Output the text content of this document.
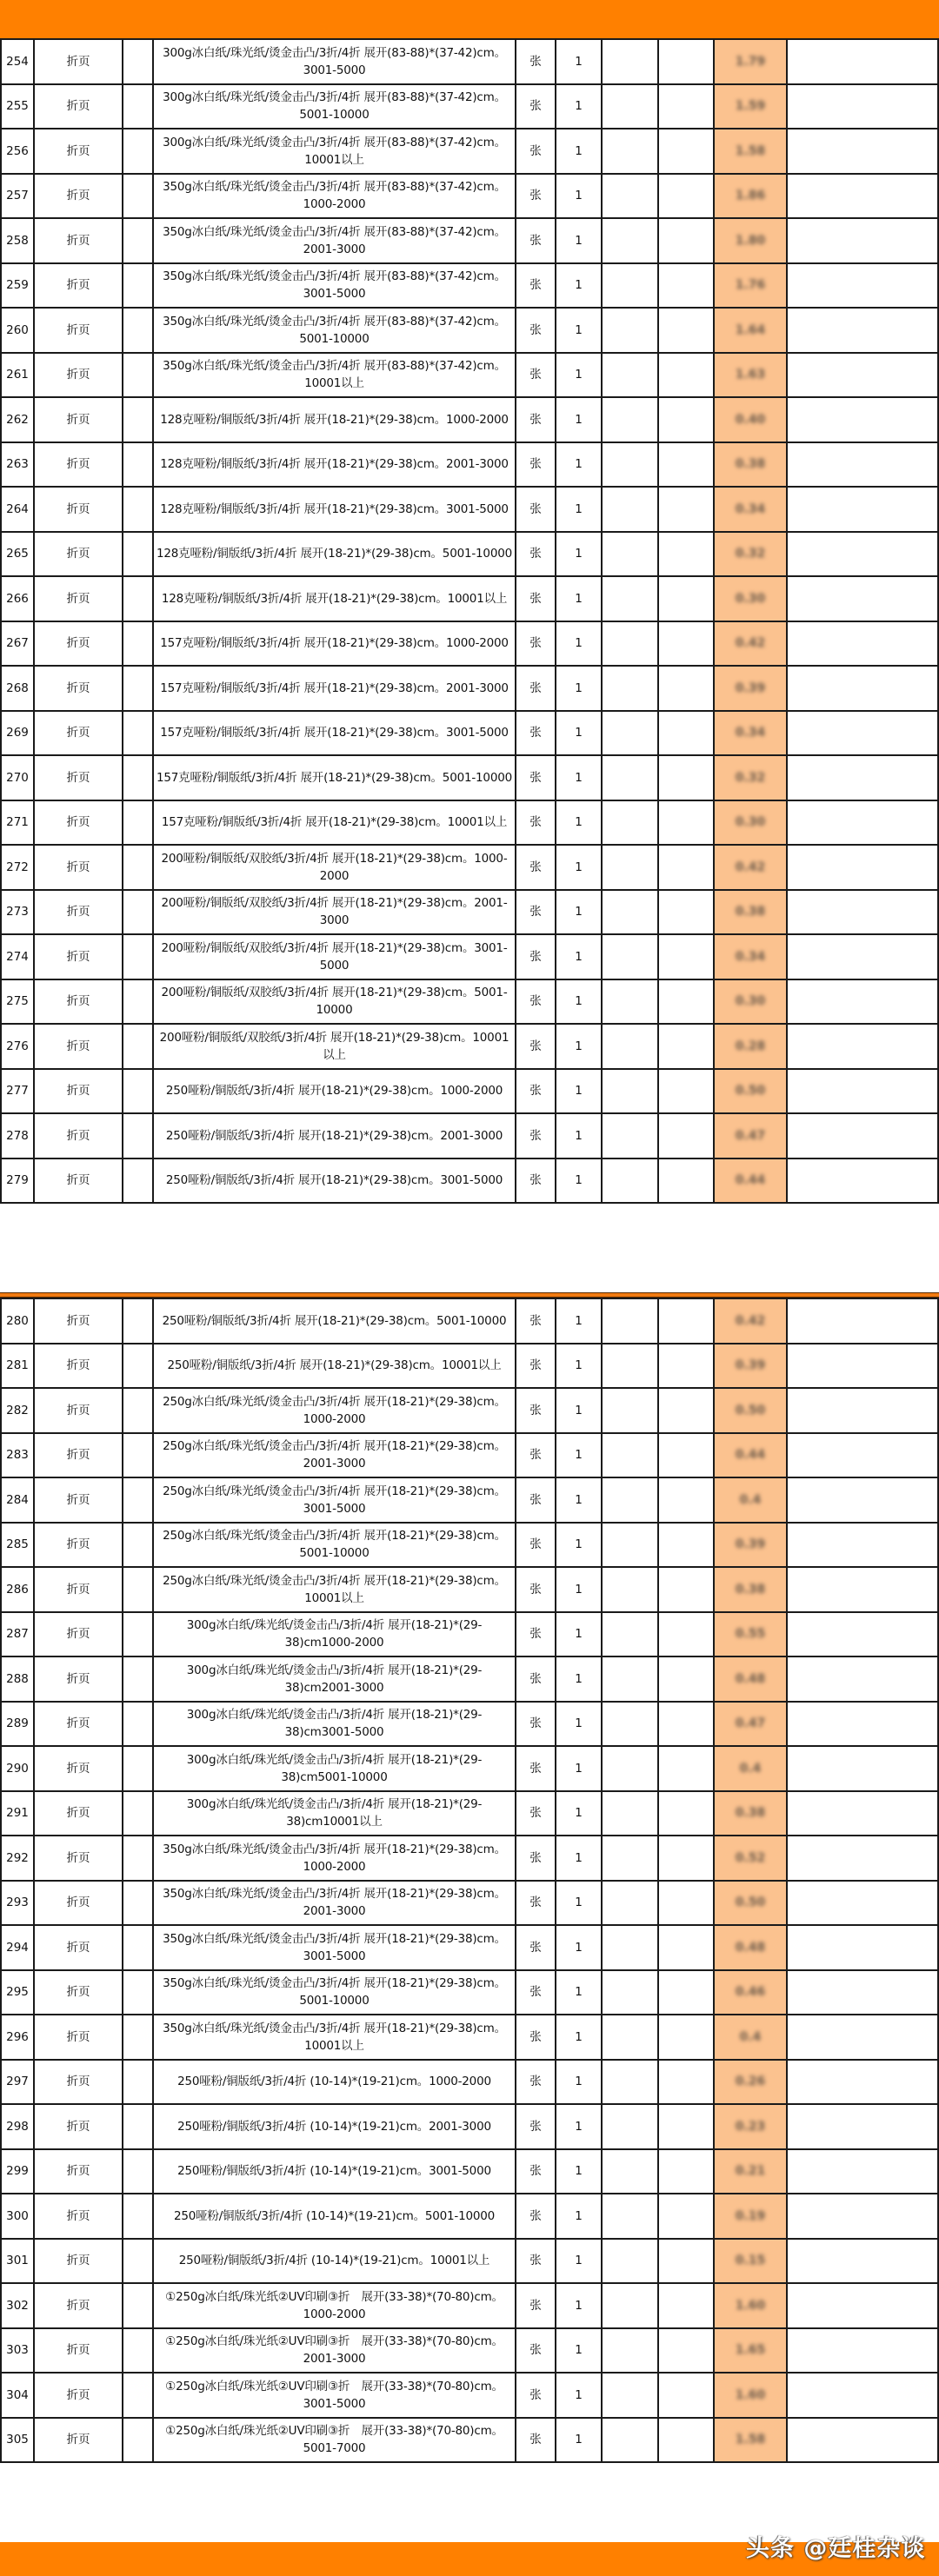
254	折页		300g冰白纸/珠光纸/烫金击凸/3折/4折 展开(83-88)*(37-42)cm。3001-5000	张	1			1.79	
255	折页		300g冰白纸/珠光纸/烫金击凸/3折/4折 展开(83-88)*(37-42)cm。5001-10000	张	1			1.59	
256	折页		300g冰白纸/珠光纸/烫金击凸/3折/4折 展开(83-88)*(37-42)cm。10001以上	张	1			1.58	
257	折页		350g冰白纸/珠光纸/烫金击凸/3折/4折 展开(83-88)*(37-42)cm。1000-2000	张	1			1.86	
258	折页		350g冰白纸/珠光纸/烫金击凸/3折/4折 展开(83-88)*(37-42)cm。2001-3000	张	1			1.80	
259	折页		350g冰白纸/珠光纸/烫金击凸/3折/4折 展开(83-88)*(37-42)cm。3001-5000	张	1			1.76	
260	折页		350g冰白纸/珠光纸/烫金击凸/3折/4折 展开(83-88)*(37-42)cm。5001-10000	张	1			1.64	
261	折页		350g冰白纸/珠光纸/烫金击凸/3折/4折 展开(83-88)*(37-42)cm。10001以上	张	1			1.63	
262	折页		128克哑粉/铜版纸/3折/4折 展开(18-21)*(29-38)cm。1000-2000	张	1			0.40	
263	折页		128克哑粉/铜版纸/3折/4折 展开(18-21)*(29-38)cm。2001-3000	张	1			0.38	
264	折页		128克哑粉/铜版纸/3折/4折 展开(18-21)*(29-38)cm。3001-5000	张	1			0.34	
265	折页		128克哑粉/铜版纸/3折/4折 展开(18-21)*(29-38)cm。5001-10000	张	1			0.32	
266	折页		128克哑粉/铜版纸/3折/4折 展开(18-21)*(29-38)cm。10001以上	张	1			0.30	
267	折页		157克哑粉/铜版纸/3折/4折 展开(18-21)*(29-38)cm。1000-2000	张	1			0.42	
268	折页		157克哑粉/铜版纸/3折/4折 展开(18-21)*(29-38)cm。2001-3000	张	1			0.39	
269	折页		157克哑粉/铜版纸/3折/4折 展开(18-21)*(29-38)cm。3001-5000	张	1			0.34	
270	折页		157克哑粉/铜版纸/3折/4折 展开(18-21)*(29-38)cm。5001-10000	张	1			0.32	
271	折页		157克哑粉/铜版纸/3折/4折 展开(18-21)*(29-38)cm。10001以上	张	1			0.30	
272	折页		200哑粉/铜版纸/双胶纸/3折/4折 展开(18-21)*(29-38)cm。1000-2000	张	1			0.42	
273	折页		200哑粉/铜版纸/双胶纸/3折/4折 展开(18-21)*(29-38)cm。2001-3000	张	1			0.38	
274	折页		200哑粉/铜版纸/双胶纸/3折/4折 展开(18-21)*(29-38)cm。3001-5000	张	1			0.34	
275	折页		200哑粉/铜版纸/双胶纸/3折/4折 展开(18-21)*(29-38)cm。5001-10000	张	1			0.30	
276	折页		200哑粉/铜版纸/双胶纸/3折/4折 展开(18-21)*(29-38)cm。10001以上	张	1			0.28	
277	折页		250哑粉/铜版纸/3折/4折 展开(18-21)*(29-38)cm。1000-2000	张	1			0.50	
278	折页		250哑粉/铜版纸/3折/4折 展开(18-21)*(29-38)cm。2001-3000	张	1			0.47	
279	折页		250哑粉/铜版纸/3折/4折 展开(18-21)*(29-38)cm。3001-5000	张	1			0.44	
280	折页		250哑粉/铜版纸/3折/4折 展开(18-21)*(29-38)cm。5001-10000	张	1			0.42	
281	折页		250哑粉/铜版纸/3折/4折 展开(18-21)*(29-38)cm。10001以上	张	1			0.39	
282	折页		250g冰白纸/珠光纸/烫金击凸/3折/4折 展开(18-21)*(29-38)cm。1000-2000	张	1			0.50	
283	折页		250g冰白纸/珠光纸/烫金击凸/3折/4折 展开(18-21)*(29-38)cm。2001-3000	张	1			0.44	
284	折页		250g冰白纸/珠光纸/烫金击凸/3折/4折 展开(18-21)*(29-38)cm。3001-5000	张	1			0.4	
285	折页		250g冰白纸/珠光纸/烫金击凸/3折/4折 展开(18-21)*(29-38)cm。5001-10000	张	1			0.39	
286	折页		250g冰白纸/珠光纸/烫金击凸/3折/4折 展开(18-21)*(29-38)cm。10001以上	张	1			0.38	
287	折页		300g冰白纸/珠光纸/烫金击凸/3折/4折 展开(18-21)*(29-38)cm1000-2000	张	1			0.55	
288	折页		300g冰白纸/珠光纸/烫金击凸/3折/4折 展开(18-21)*(29-38)cm2001-3000	张	1			0.48	
289	折页		300g冰白纸/珠光纸/烫金击凸/3折/4折 展开(18-21)*(29-38)cm3001-5000	张	1			0.47	
290	折页		300g冰白纸/珠光纸/烫金击凸/3折/4折 展开(18-21)*(29-38)cm5001-10000	张	1			0.4	
291	折页		300g冰白纸/珠光纸/烫金击凸/3折/4折 展开(18-21)*(29-38)cm10001以上	张	1			0.38	
292	折页		350g冰白纸/珠光纸/烫金击凸/3折/4折 展开(18-21)*(29-38)cm。1000-2000	张	1			0.52	
293	折页		350g冰白纸/珠光纸/烫金击凸/3折/4折 展开(18-21)*(29-38)cm。2001-3000	张	1			0.50	
294	折页		350g冰白纸/珠光纸/烫金击凸/3折/4折 展开(18-21)*(29-38)cm。3001-5000	张	1			0.48	
295	折页		350g冰白纸/珠光纸/烫金击凸/3折/4折 展开(18-21)*(29-38)cm。5001-10000	张	1			0.46	
296	折页		350g冰白纸/珠光纸/烫金击凸/3折/4折 展开(18-21)*(29-38)cm。10001以上	张	1			0.4	
297	折页		250哑粉/铜版纸/3折/4折 (10-14)*(19-21)cm。1000-2000	张	1			0.26	
298	折页		250哑粉/铜版纸/3折/4折 (10-14)*(19-21)cm。2001-3000	张	1			0.23	
299	折页		250哑粉/铜版纸/3折/4折 (10-14)*(19-21)cm。3001-5000	张	1			0.21	
300	折页		250哑粉/铜版纸/3折/4折 (10-14)*(19-21)cm。5001-10000	张	1			0.19	
301	折页		250哑粉/铜版纸/3折/4折 (10-14)*(19-21)cm。10001以上	张	1			0.15	
302	折页		①250g冰白纸/珠光纸②UV印刷③折　展开(33-38)*(70-80)cm。1000-2000	张	1			1.60	
303	折页		①250g冰白纸/珠光纸②UV印刷③折　展开(33-38)*(70-80)cm。2001-3000	张	1			1.65	
304	折页		①250g冰白纸/珠光纸②UV印刷③折　展开(33-38)*(70-80)cm。3001-5000	张	1			1.60	
305	折页		①250g冰白纸/珠光纸②UV印刷③折　展开(33-38)*(70-80)cm。5001-7000	张	1			1.58	
头条 @廷桂杂谈
